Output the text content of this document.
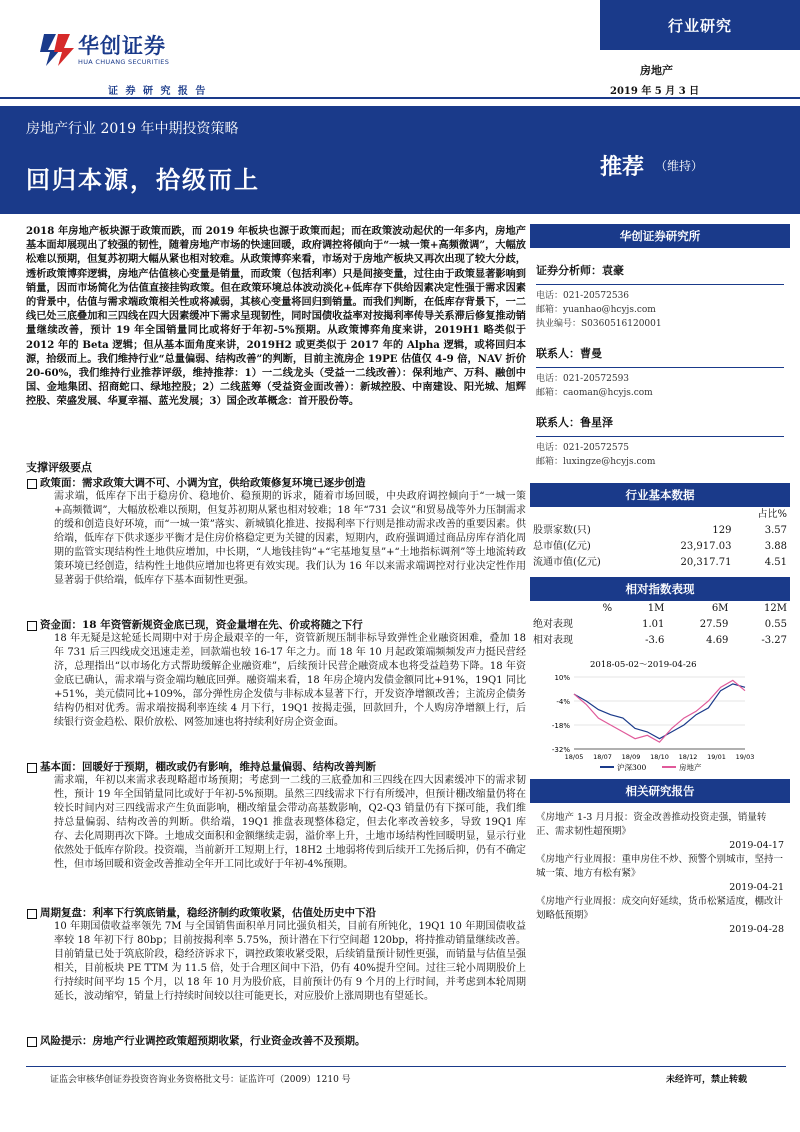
华创证券
HUA CHUANG SECURITIES
证 券 研 究 报 告
行业研究
房地产
2019 年 5 月 3 日
房地产行业 2019 年中期投资策略
回归本源，拾级而上	推荐 （维持）
2018 年房地产板块源于政策而跌，而 2019 年板块也源于政策而起；而在政策波动起伏的一年多内，房地产基本面却展现出了较强的韧性，随着房地产市场的快速回暖，政府调控将倾向于“一城一策+高频微调”，大幅放松难以预期，但复苏初期大幅从紧也相对较难。从政策博弈来看，市场对于房地产板块又再次出现了较大分歧，透析政策博弈逻辑，房地产估值核心变量是销量，而政策（包括利率）只是间接变量，过往由于政策显著影响到销量，因而市场简化为估值直接挂钩政策。但在政策环境总体波动淡化+低库存下供给因素决定性强于需求因素的背景中，估值与需求端政策相关性或将减弱，其核心变量将回归到销量。而我们判断，在低库存背景下，一二线已处三底叠加和三四线在四大因素缓冲下需求呈现韧性，同时国债收益率对按揭利率传导关系滞后修复推动销量继续改善，预计 19 年全国销量同比或将好于年初-5%预期。从政策博弈角度来讲，2019H1 略类似于 2012 年的 Beta 逻辑；但从基本面角度来讲，2019H2 或更类似于 2017 年的 Alpha 逻辑，或将回归本源，拾级而上。我们维持行业“总量偏弱、结构改善”的判断，目前主流房企 19PE 估值仅 4-9 倍，NAV 折价 20-60%，我们维持行业推荐评级，维持推荐：1）一二线龙头（受益一二线改善）：保利地产、万科、融创中国、金地集团、招商蛇口、绿地控股；2）二线蓝筹（受益资金面改善）：新城控股、中南建设、阳光城、旭辉控股、荣盛发展、华夏幸福、蓝光发展；3）国企改革概念：首开股份等。
支撑评级要点
政策面：需求政策大调不可、小调为宜，供给政策修复环境已逐步创造
需求端，低库存下出于稳房价、稳地价、稳预期的诉求，随着市场回暖，中央政府调控倾向于“一城一策+高频微调”，大幅放松难以预期，但复苏初期从紧也相对较难；18 年“731 会议”和贸易战等外力压制需求的缓和创造良好环境，而“一城一策”落实、新城镇化推进、按揭利率下行则是推动需求改善的重要因素。供给端，低库存下供求逐步平衡才是住房价格稳定更为关键的因素，短期内，政府强调通过商品房库存消化周期的监管实现结构性土地供应增加，中长期，“人地钱挂钩”+“宅基地复垦”+“土地指标调剂”等土地流转政策环境已经创造，结构性土地供应增加也将更有效实现。我们认为 16 年以来需求端调控对行业决定性作用显著弱于供给端，低库存下基本面韧性更强。
资金面：18 年资管新规资金底已现，资金量增在先、价或将随之下行
18 年无疑是这轮延长周期中对于房企最艰辛的一年，资管新规压制非标导致弹性企业融资困难，叠加 18 年 731 后三四线成交迅速走差，回款端也较 16-17 年之力。而 18 年 10 月起政策端频频发声力挺民营经济，总理指出“以市场化方式帮助缓解企业融资难”，后续预计民营企融资成本也将受益趋势下降。18 年资金底已确认，需求端与资金端均触底回弹。融资端来看，18 年房企境内发债金额同比+91%，19Q1 同比+51%，美元债同比+109%，部分弹性房企发债与非标成本显著下行，开发资净增额改善；主流房企债务结构仍相对优秀。需求端按揭利率连续 4 月下行，19Q1 按揭走强，回款回升，个人购房净增额上行，后续银行资金趋松、限价放松、网签加速也将持续利好房企资金面。
基本面：回暖好于预期，棚改或仍有影响，维持总量偏弱、结构改善判断
需求端，年初以来需求表现略超市场预期；考虑到一二线的三底叠加和三四线在四大因素缓冲下的需求韧性，预计 19 年全国销量同比或好于年初-5%预期。虽然三四线需求下行有所缓冲，但预计棚改缩量仍将在较长时间内对三四线需求产生负面影响，棚改缩量会带动高基数影响，Q2-Q3 销量仍有下探可能，我们维持总量偏弱、结构改善的判断。供给端，19Q1 推盘表现整体稳定，但去化率改善较多，导致 19Q1 库存、去化周期再次下降。土地成交面积和金额继续走弱，溢价率上升，土地市场结构性回暖明显，显示行业依然处于低库存阶段。投资端，当前新开工短期上行，18H2 土地弱将传到后续开工先扬后抑，仍有不确定性，但市场回暖和资金改善推动全年开工同比或好于年初-4%预期。
周期复盘：利率下行筑底销量，稳经济制约政策收紧，估值处历史中下沿
10 年期国债收益率领先 7M 与全国销售面积单月同比强负相关，目前有所钝化，19Q1 10 年期国债收益率较 18 年初下行 80bp；目前按揭利率 5.75%，预计潜在下行空间超 120bp，将持推动销量继续改善。目前销量已处于筑底阶段，稳经济诉求下，调控政策收紧受限，后续销量预计韧性更强，而销量与估值呈强相关，目前板块 PE TTM 为 11.5 倍，处于合理区间中下沿，仍有 40%提升空间。过往三轮小周期股价上行持续时间平均 15 个月，以 18 年 10 月为股价底，目前预计仍有 9 个月的上行时间，并考虑到本轮周期延长，波动缩窄，销量上行持续时间较以往可能更长，对应股价上涨周期也有望延长。
风险提示：房地产行业调控政策超预期收紧，行业资金改善不及预期。
华创证券研究所
证券分析师：袁豪
电话：021-20572536
邮箱：yuanhao@hcyjs.com
执业编号：S0360516120001
联系人：曹曼
电话：021-20572593
邮箱：caoman@hcyjs.com
联系人：鲁星泽
电话：021-20572575
邮箱：luxingze@hcyjs.com
行业基本数据
		占比%
股票家数(只)	129	3.57
总市值(亿元)	23,917.03	3.88
流通市值(亿元)	20,317.71	4.51
相对指数表现
%	1M	6M	12M
绝对表现	1.01	27.59	0.55
相对表现	-3.6	4.69	-3.27
2018-05-02～2019-04-26
10%
-4%
-18%
-32%
18/05 18/07 18/09 18/10 18/12 19/01 19/03
沪深300	房地产
相关研究报告
《房地产 1-3 月月报：资金改善推动投资走强，销量转正、需求韧性超预期》
2019-04-17
《房地产行业周报：重申房住不炒、预警个别城市，坚持一城一策、地方有松有紧》
2019-04-21
《房地产行业周报：成交向好延续，货币松紧适度，棚改计划略低预期》
2019-04-28
证监会审核华创证券投资咨询业务资格批文号：证监许可（2009）1210 号	未经许可，禁止转载
